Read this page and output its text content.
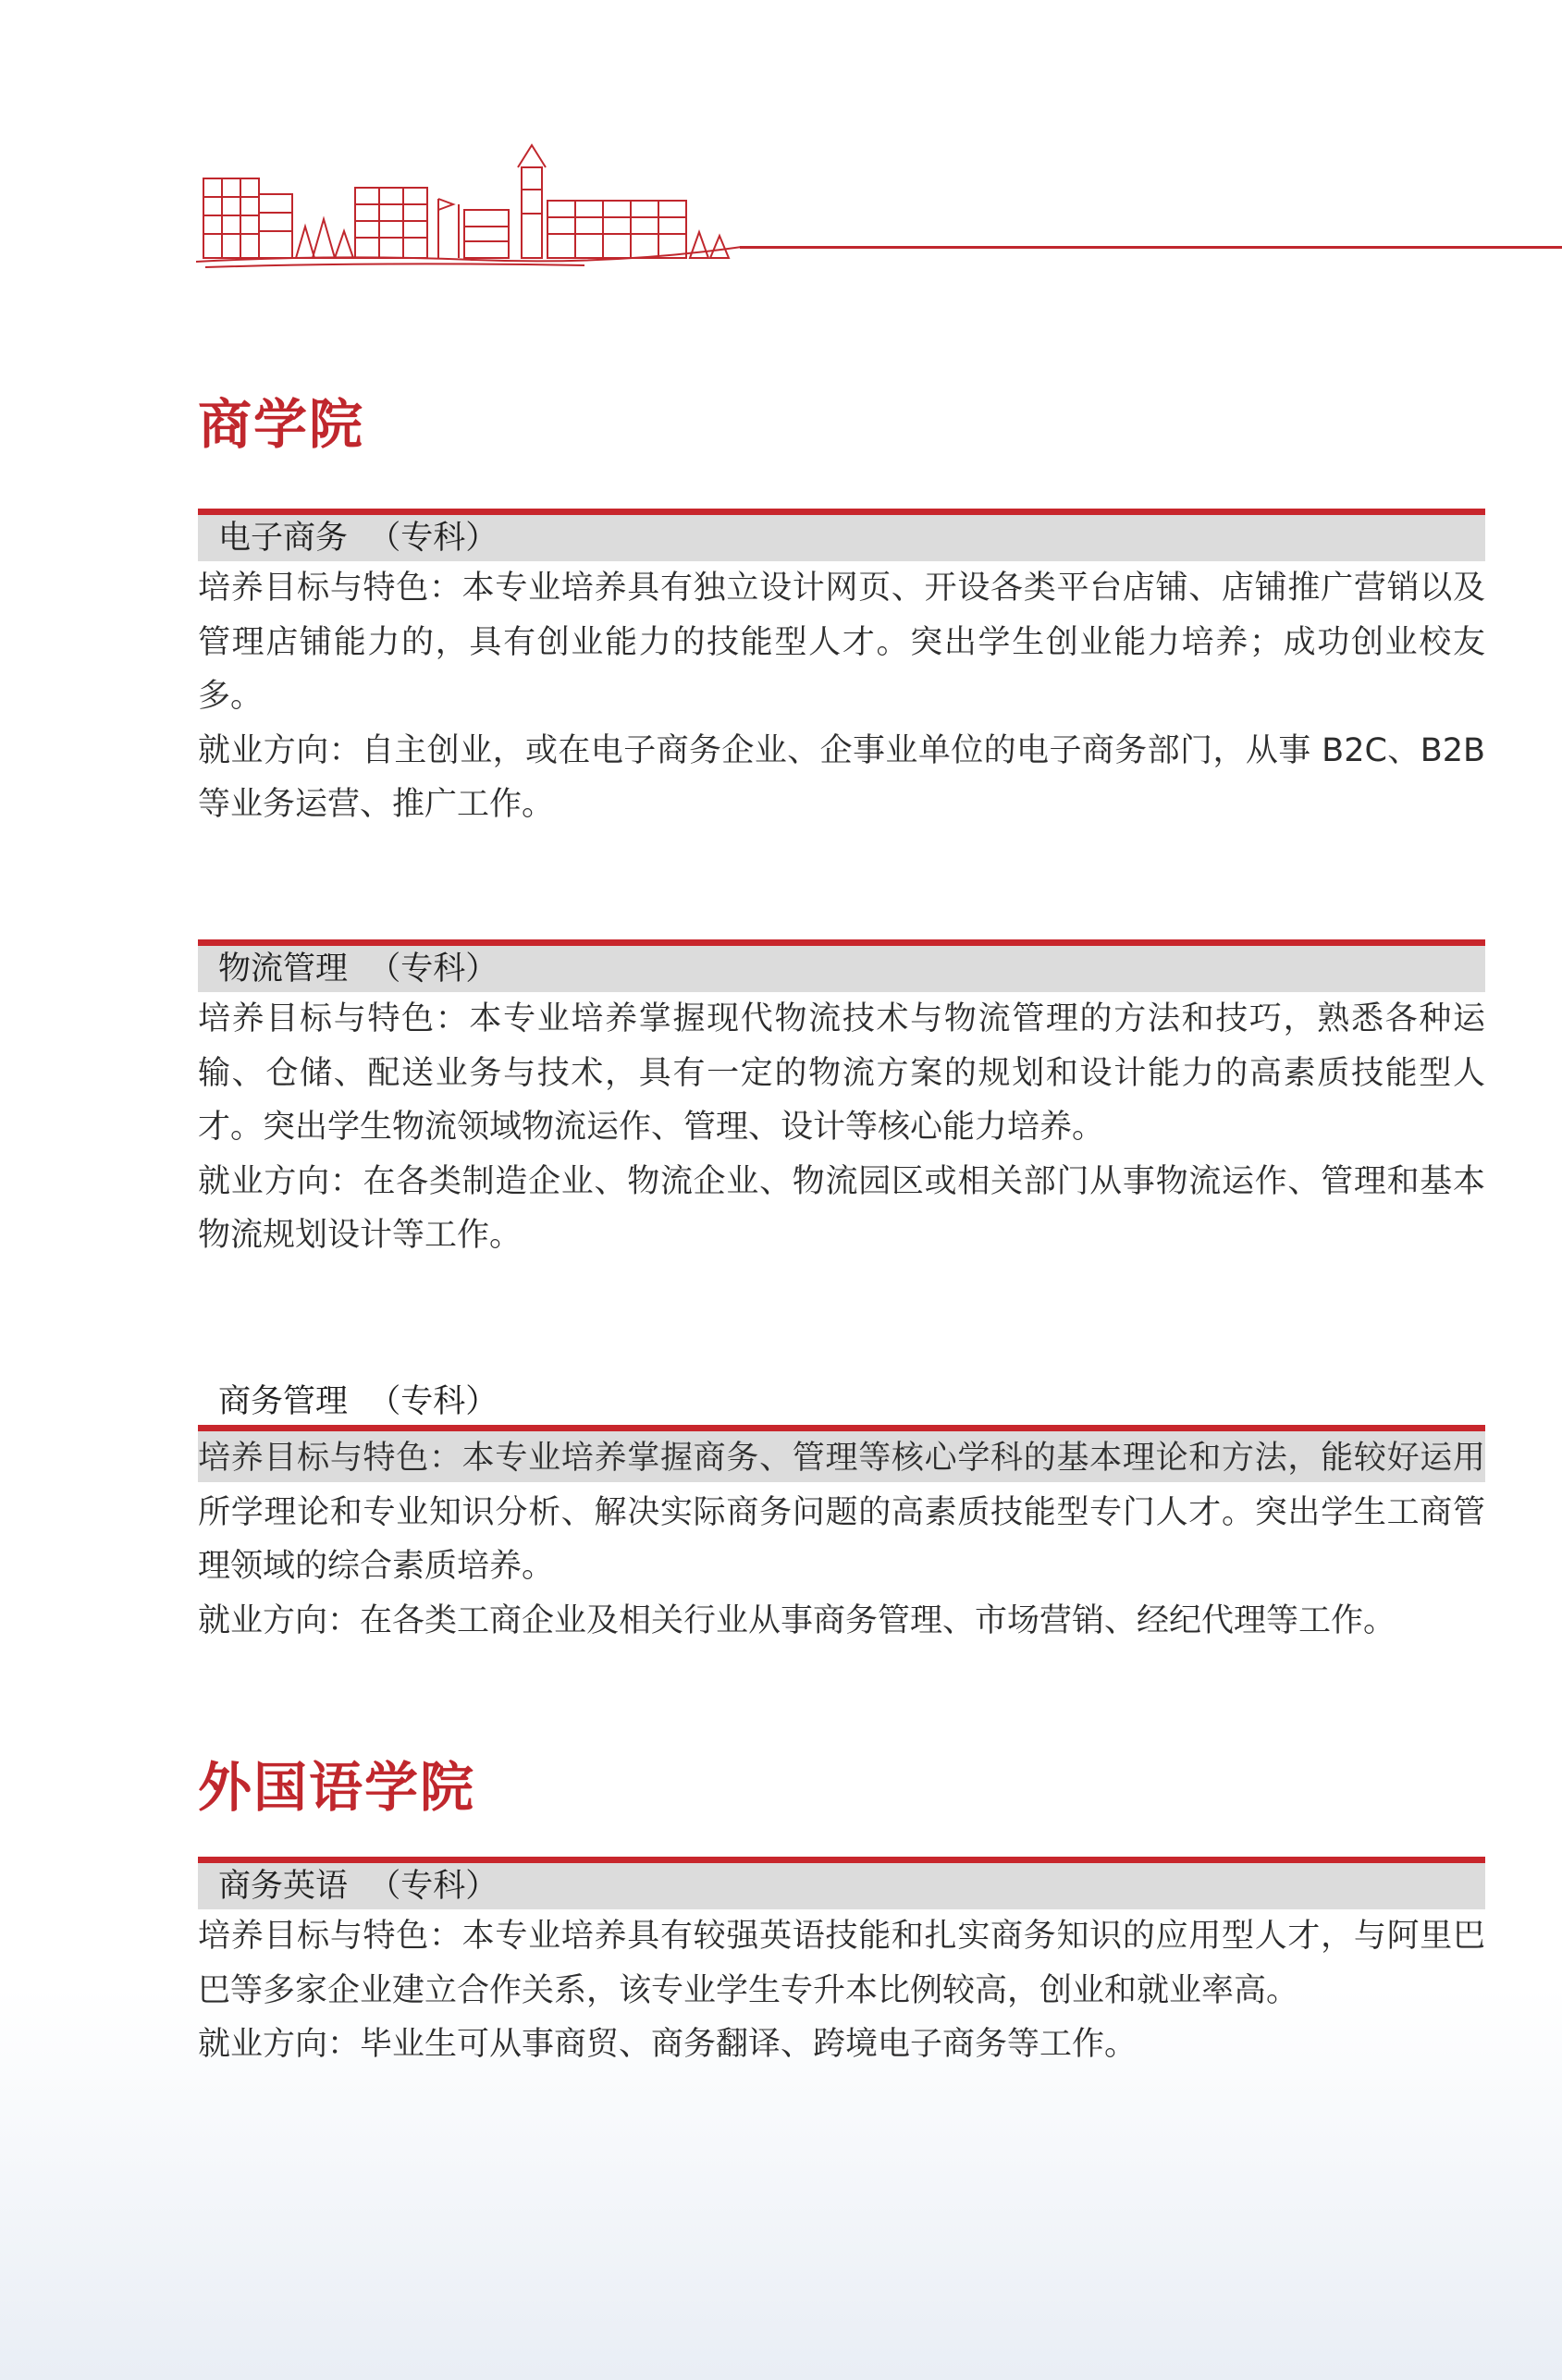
商学院
电子商务  （专科）

培养目标与特色：本专业培养具有独立设计网页、开设各类平台店铺、店铺推广营销以及管理店铺能力的，具有创业能力的技能型人才。突出学生创业能力培养；成功创业校友多。

就业方向：自主创业，或在电子商务企业、企事业单位的电子商务部门，从事 B2C、B2B 等业务运营、推广工作。

物流管理  （专科）

培养目标与特色：本专业培养掌握现代物流技术与物流管理的方法和技巧，熟悉各种运输、仓储、配送业务与技术，具有一定的物流方案的规划和设计能力的高素质技能型人才。突出学生物流领域物流运作、管理、设计等核心能力培养。

就业方向：在各类制造企业、物流企业、物流园区或相关部门从事物流运作、管理和基本物流规划设计等工作。

商务管理  （专科）

培养目标与特色：本专业培养掌握商务、管理等核心学科的基本理论和方法，能较好运用所学理论和专业知识分析、解决实际商务问题的高素质技能型专门人才。突出学生工商管理领域的综合素质培养。

就业方向：在各类工商企业及相关行业从事商务管理、市场营销、经纪代理等工作。

外国语学院
商务英语  （专科）

培养目标与特色：本专业培养具有较强英语技能和扎实商务知识的应用型人才，与阿里巴巴等多家企业建立合作关系，该专业学生专升本比例较高，创业和就业率高。

就业方向：毕业生可从事商贸、商务翻译、跨境电子商务等工作。
